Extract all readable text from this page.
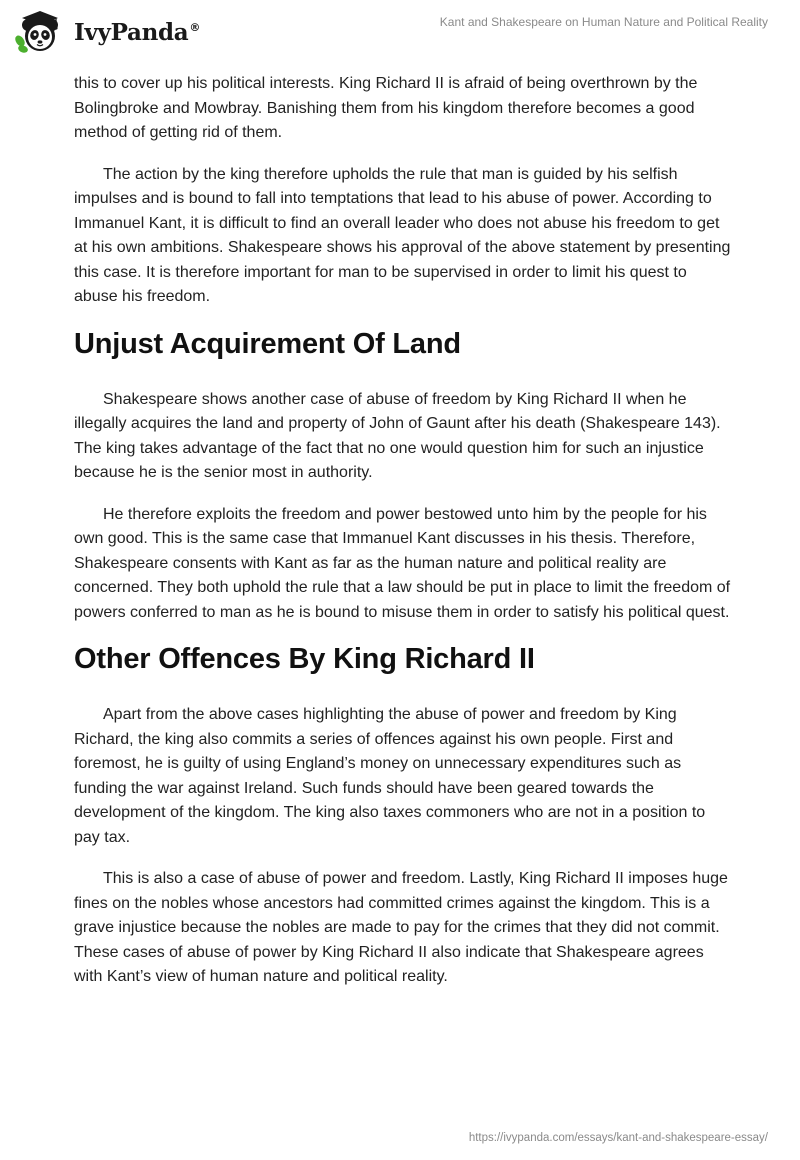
IvyPanda®	Kant and Shakespeare on Human Nature and Political Reality

this to cover up his political interests. King Richard II is afraid of being overthrown by the Bolingbroke and Mowbray. Banishing them from his kingdom therefore becomes a good method of getting rid of them.

The action by the king therefore upholds the rule that man is guided by his selfish impulses and is bound to fall into temptations that lead to his abuse of power. According to Immanuel Kant, it is difficult to find an overall leader who does not abuse his freedom to get at his own ambitions. Shakespeare shows his approval of the above statement by presenting this case. It is therefore important for man to be supervised in order to limit his quest to abuse his freedom.

Unjust Acquirement Of Land

Shakespeare shows another case of abuse of freedom by King Richard II when he illegally acquires the land and property of John of Gaunt after his death (Shakespeare 143). The king takes advantage of the fact that no one would question him for such an injustice because he is the senior most in authority.

He therefore exploits the freedom and power bestowed unto him by the people for his own good. This is the same case that Immanuel Kant discusses in his thesis. Therefore, Shakespeare consents with Kant as far as the human nature and political reality are concerned. They both uphold the rule that a law should be put in place to limit the freedom of powers conferred to man as he is bound to misuse them in order to satisfy his political quest.

Other Offences By King Richard II

Apart from the above cases highlighting the abuse of power and freedom by King Richard, the king also commits a series of offences against his own people. First and foremost, he is guilty of using England’s money on unnecessary expenditures such as funding the war against Ireland. Such funds should have been geared towards the development of the kingdom. The king also taxes commoners who are not in a position to pay tax.

This is also a case of abuse of power and freedom. Lastly, King Richard II imposes huge fines on the nobles whose ancestors had committed crimes against the kingdom. This is a grave injustice because the nobles are made to pay for the crimes that they did not commit. These cases of abuse of power by King Richard II also indicate that Shakespeare agrees with Kant’s view of human nature and political reality.

https://ivypanda.com/essays/kant-and-shakespeare-essay/
